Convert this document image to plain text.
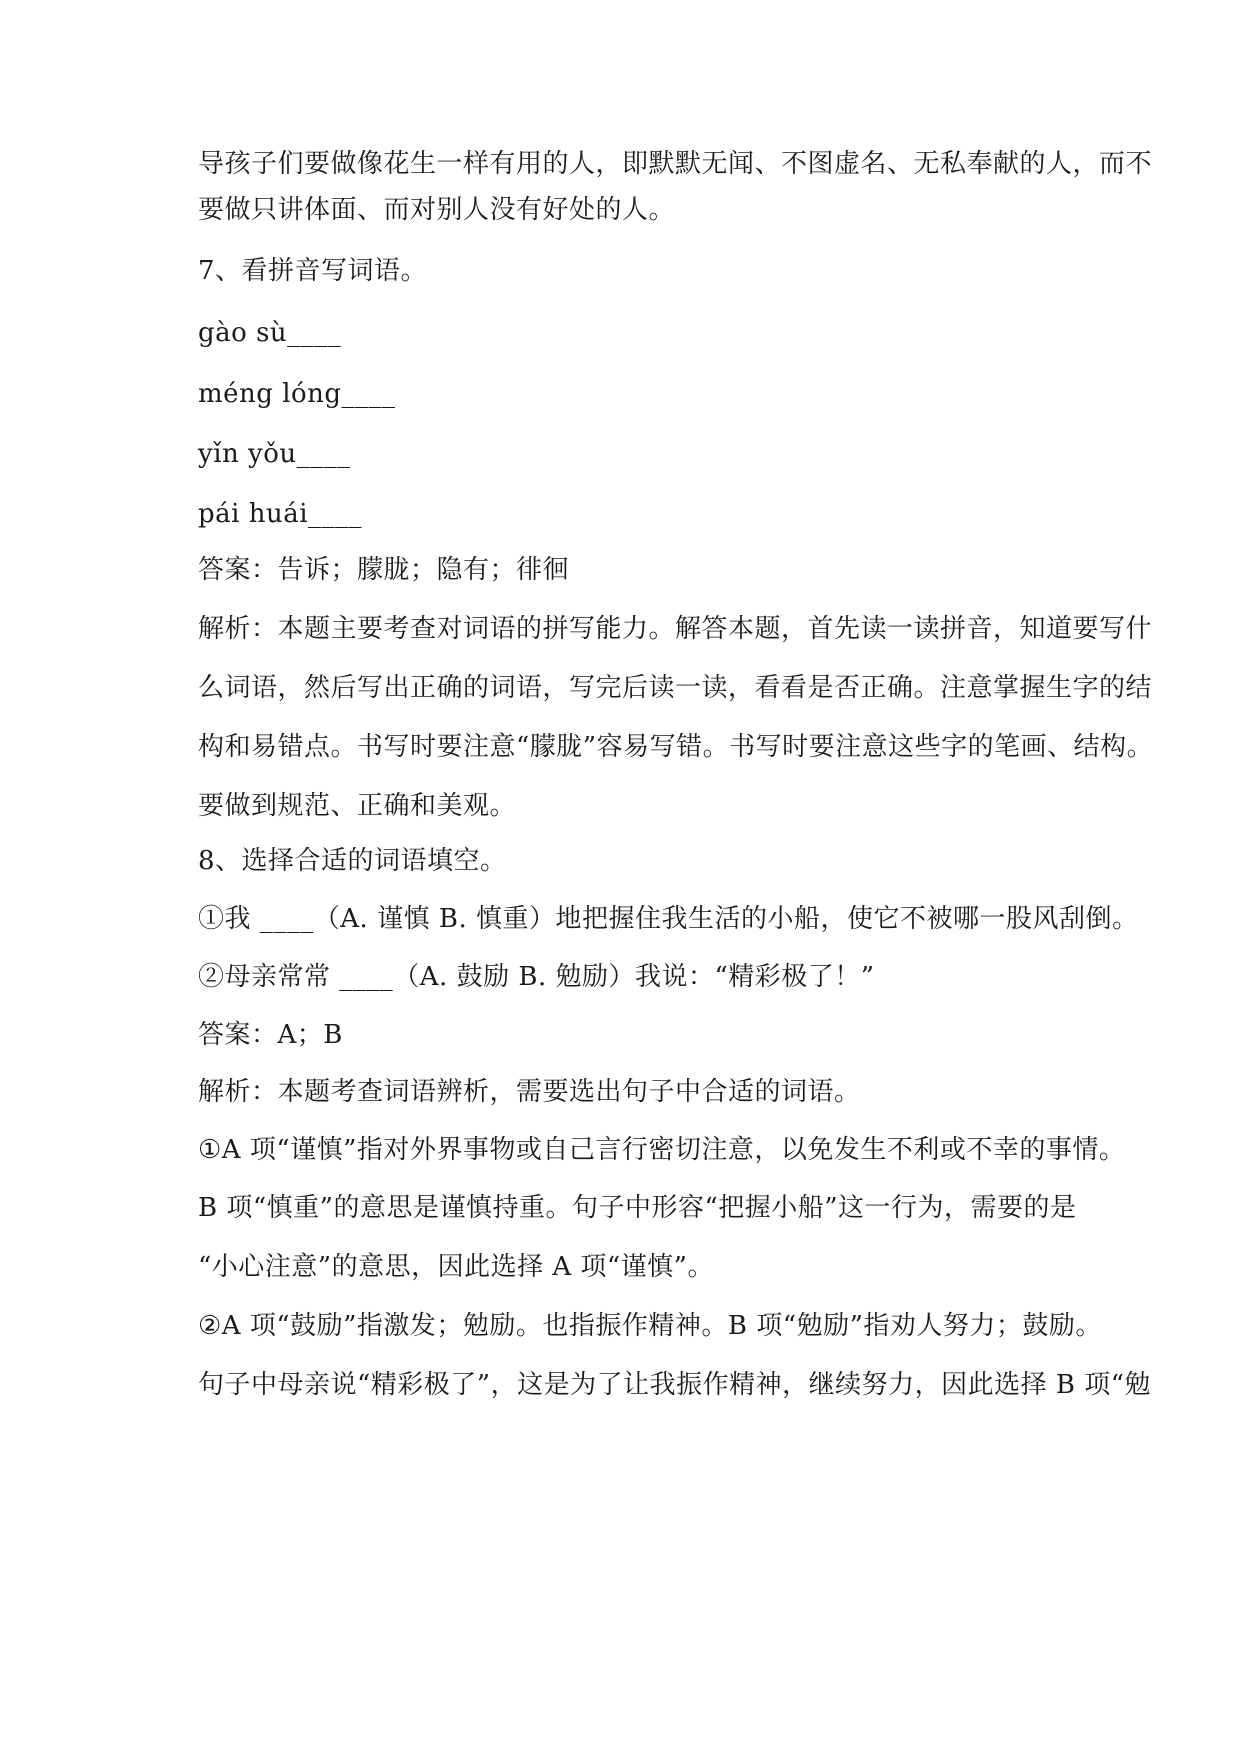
导孩子们要做像花生一样有用的人，即默默无闻、不图虚名、无私奉献的人，而不
要做只讲体面、而对别人没有好处的人。
7、看拼音写词语。
gào sù____
méng lóng____
yǐn yǒu____
pái huái____
答案：告诉；朦胧；隐有；徘徊
解析：本题主要考查对词语的拼写能力。解答本题，首先读一读拼音，知道要写什
么词语，然后写出正确的词语，写完后读一读，看看是否正确。注意掌握生字的结
构和易错点。书写时要注意“朦胧”容易写错。书写时要注意这些字的笔画、结构。
要做到规范、正确和美观。
8、选择合适的词语填空。
①我 ____（A. 谨慎 B. 慎重）地把握住我生活的小船，使它不被哪一股风刮倒。
②母亲常常 ____（A. 鼓励 B. 勉励）我说：“精彩极了！”
答案：A；B
解析：本题考查词语辨析，需要选出句子中合适的词语。
①A 项“谨慎”指对外界事物或自己言行密切注意，以免发生不利或不幸的事情。
B 项“慎重”的意思是谨慎持重。句子中形容“把握小船”这一行为，需要的是
“小心注意”的意思，因此选择 A 项“谨慎”。
②A 项“鼓励”指激发；勉励。也指振作精神。B 项“勉励”指劝人努力；鼓励。
句子中母亲说“精彩极了”，这是为了让我振作精神，继续努力，因此选择 B 项“勉
